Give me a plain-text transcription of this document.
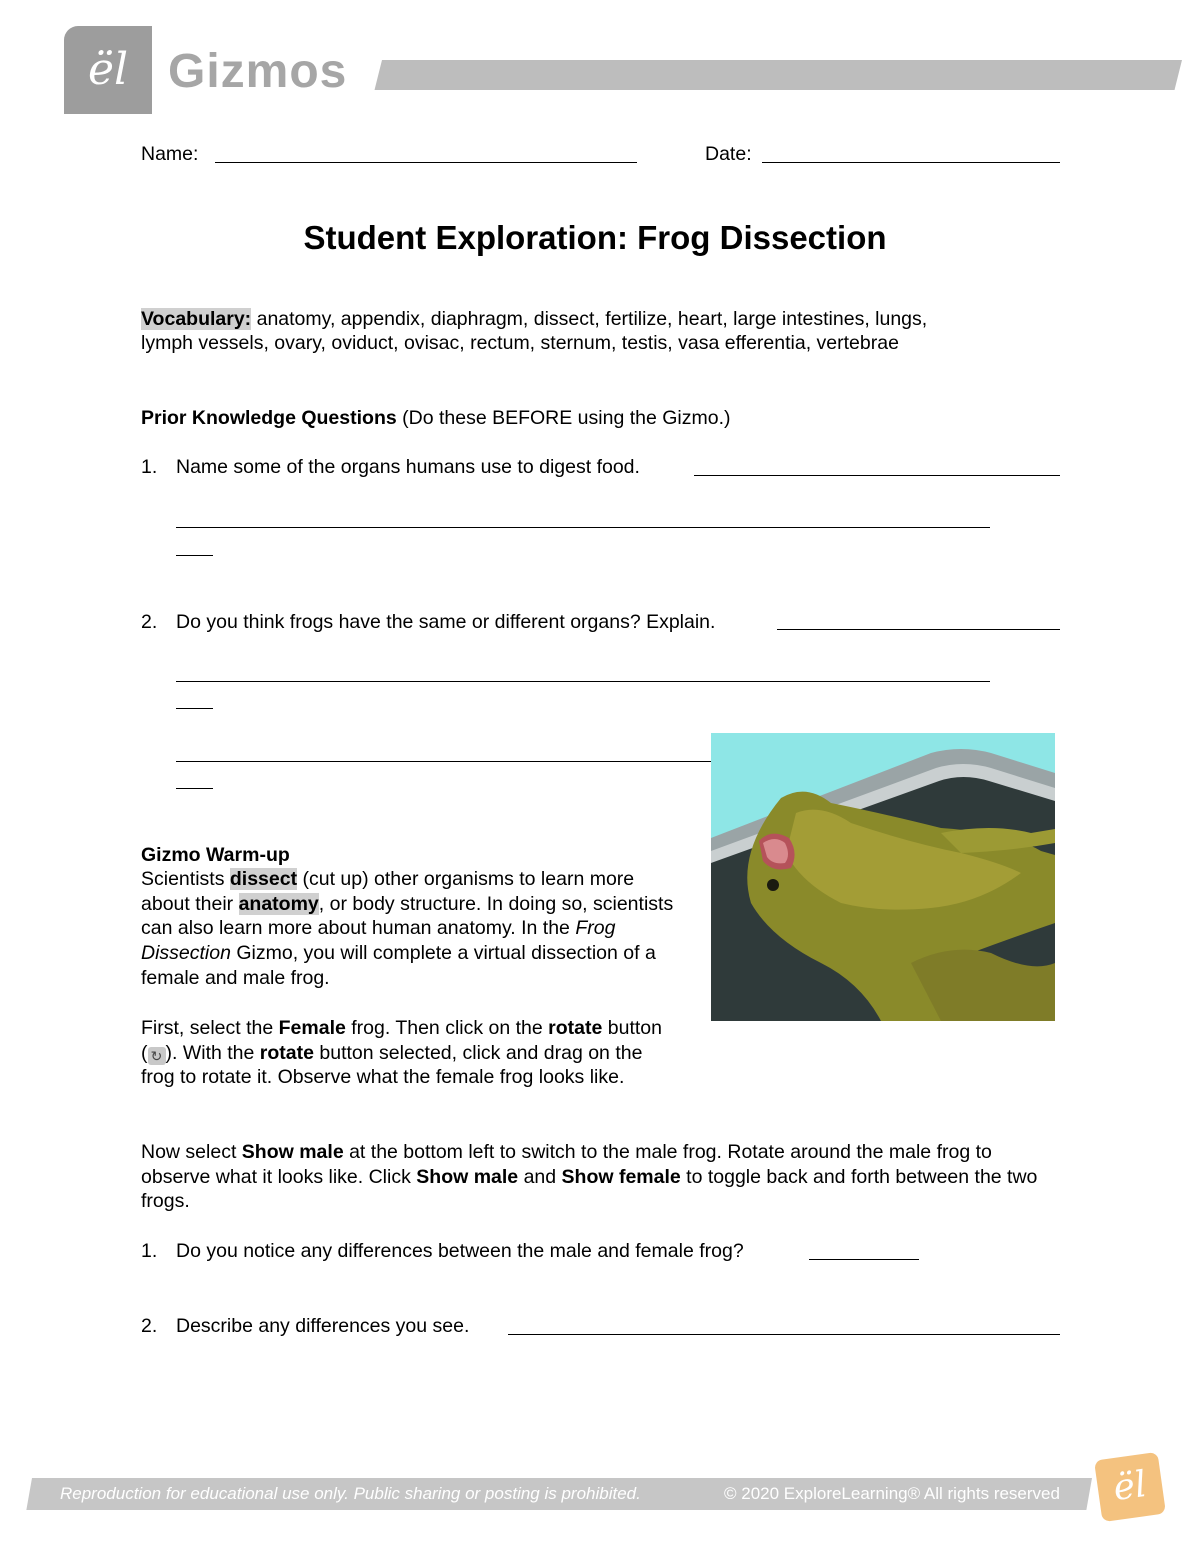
ël Gizmos
Name:	Date:
Student Exploration: Frog Dissection
Vocabulary: anatomy, appendix, diaphragm, dissect, fertilize, heart, large intestines, lungs,
lymph vessels, ovary, oviduct, ovisac, rectum, sternum, testis, vasa efferentia, vertebrae
Prior Knowledge Questions (Do these BEFORE using the Gizmo.)
1. Name some of the organs humans use to digest food.
2. Do you think frogs have the same or different organs? Explain.
Gizmo Warm-up
Scientists dissect (cut up) other organisms to learn more about their anatomy, or body structure. In doing so, scientists can also learn more about human anatomy. In the Frog Dissection Gizmo, you will complete a virtual dissection of a female and male frog.
First, select the Female frog. Then click on the rotate button ( ↻ ). With the rotate button selected, click and drag on the frog to rotate it. Observe what the female frog looks like.
Now select Show male at the bottom left to switch to the male frog. Rotate around the male frog to observe what it looks like. Click Show male and Show female to toggle back and forth between the two frogs.
1. Do you notice any differences between the male and female frog?
2. Describe any differences you see.
Reproduction for educational use only. Public sharing or posting is prohibited.	© 2020 ExploreLearning® All rights reserved	ël
